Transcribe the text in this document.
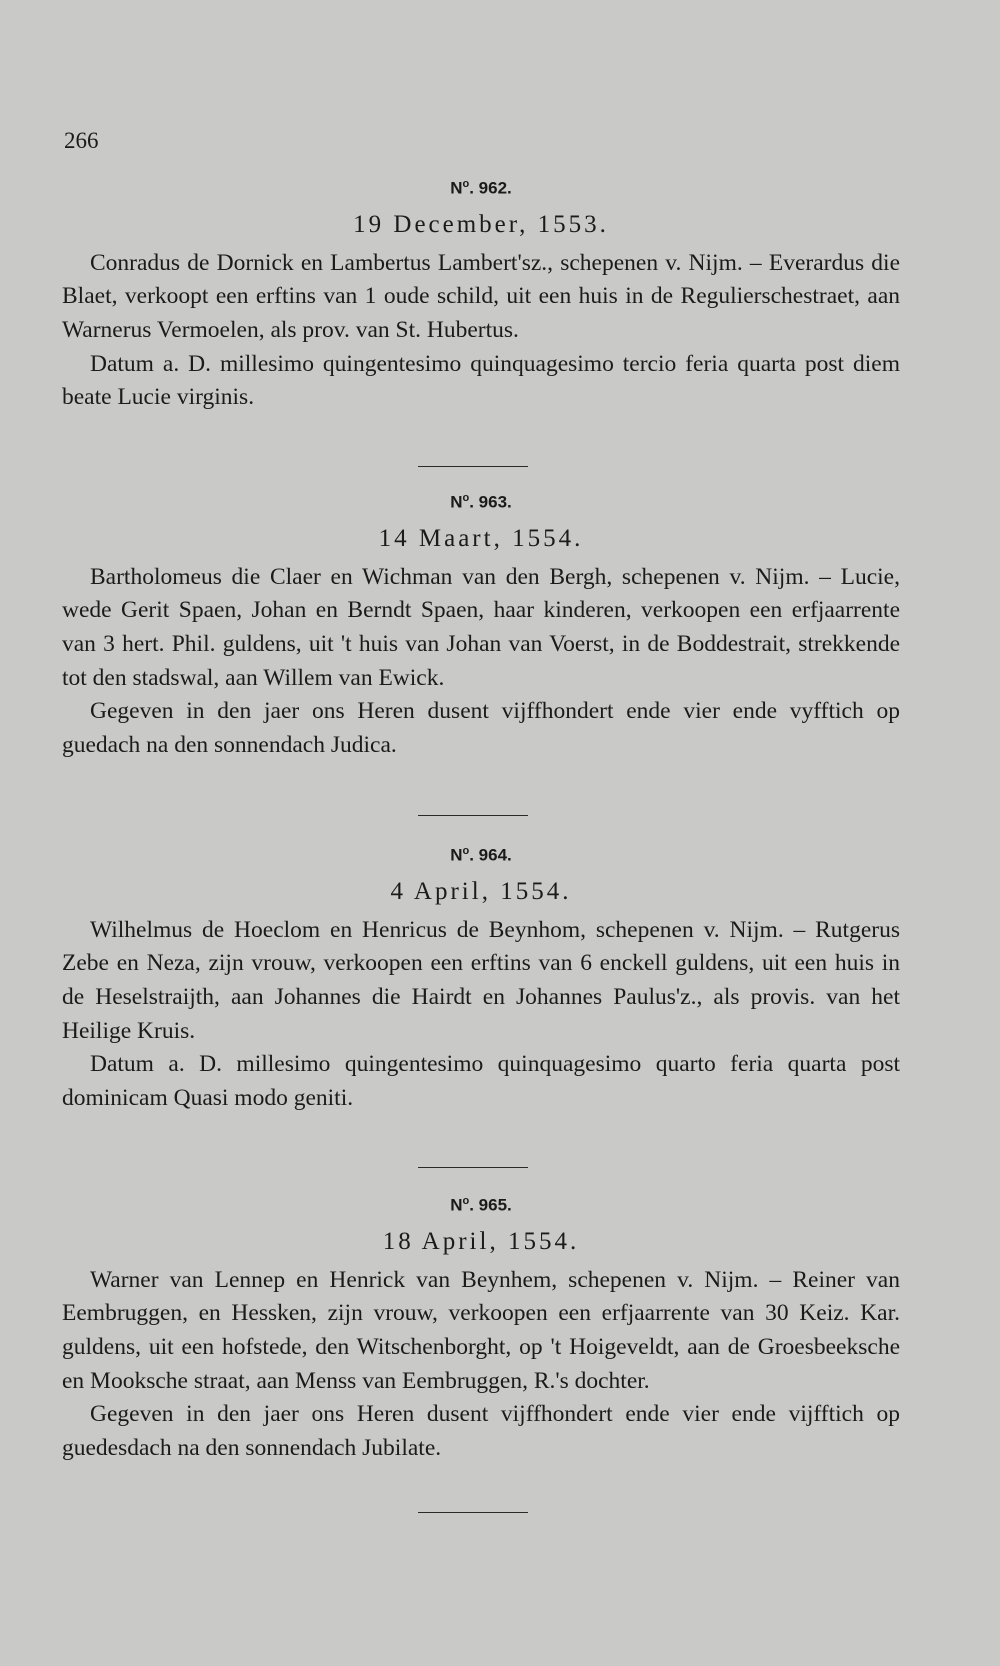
266
$N^o$. 962.
19 December, 1553.

Conradus de Dornick en Lambertus Lambert'sz., schepenen v. Nijm. – Everardus die Blaet, verkoopt een erftins van 1 oude schild, uit een huis in de Regulierschestraet, aan Warnerus Vermoelen, als prov. van St. Hubertus.

Datum a. D. millesimo quingentesimo quinquagesimo tercio feria quarta post diem beate Lucie virginis.

$N^o$. 963.
14 Maart, 1554.

Bartholomeus die Claer en Wichman van den Bergh, schepenen v. Nijm. – Lucie, wede Gerit Spaen, Johan en Berndt Spaen, haar kinderen, verkoopen een erfjaarrente van 3 hert. Phil. guldens, uit 't huis van Johan van Voerst, in de Boddestrait, strekkende tot den stadswal, aan Willem van Ewick.

Gegeven in den jaer ons Heren dusent vijffhondert ende vier ende vyfftich op guedach na den sonnendach Judica.

$N^o$. 964.
4 April, 1554.

Wilhelmus de Hoeclom en Henricus de Beynhom, schepenen v. Nijm. – Rutgerus Zebe en Neza, zijn vrouw, verkoopen een erftins van 6 enckell guldens, uit een huis in de Heselstraijth, aan Johannes die Hairdt en Johannes Paulus'z., als provis. van het Heilige Kruis.

Datum a. D. millesimo quingentesimo quinquagesimo quarto feria quarta post dominicam Quasi modo geniti.

$N^o$. 965.
18 April, 1554.

Warner van Lennep en Henrick van Beynhem, schepenen v. Nijm. – Reiner van Eembruggen, en Hessken, zijn vrouw, verkoopen een erfjaarrente van 30 Keiz. Kar. guldens, uit een hofstede, den Witschenborght, op 't Hoigeveldt, aan de Groesbeeksche en Mooksche straat, aan Menss van Eembruggen, R.'s dochter.

Gegeven in den jaer ons Heren dusent vijffhondert ende vier ende vijfftich op guedesdach na den sonnendach Jubilate.
